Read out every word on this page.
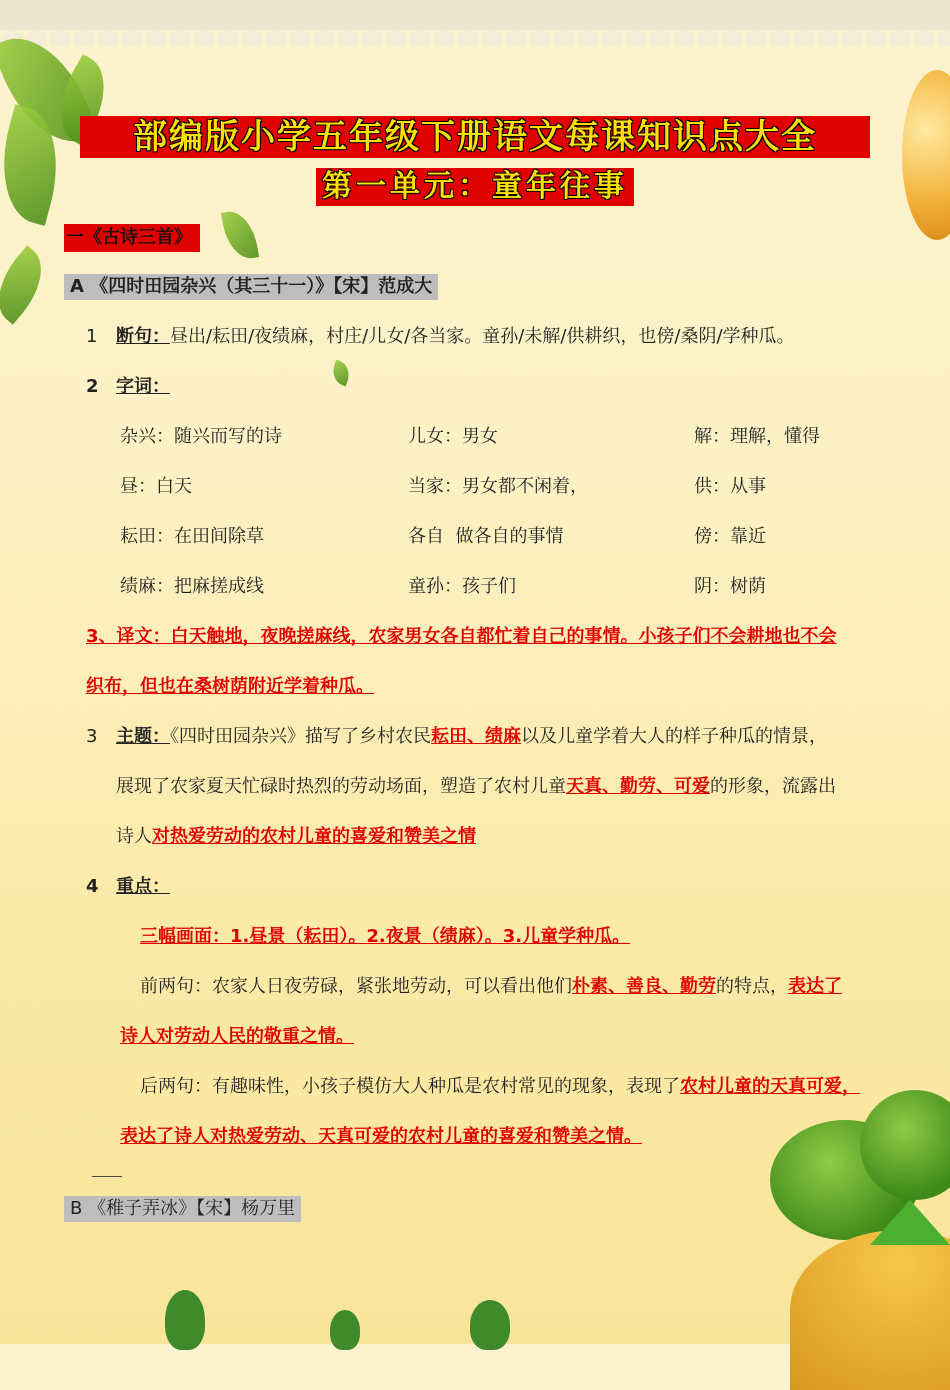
部编版小学五年级下册语文每课知识点大全
第一单元：童年往事
一《古诗三首》
A 《四时田园杂兴（其三十一）》【宋】范成大
1 断句：昼出/耘田/夜绩麻，村庄/儿女/各当家。童孙/未解/供耕织，也傍/桑阴/学种瓜。
2 字词：
杂兴：随兴而写的诗	儿女：男女	解：理解，懂得
昼：白天	当家：男女都不闲着，	供：从事
耘田：在田间除草	各自  做各自的事情	傍：靠近
绩麻：把麻搓成线	童孙：孩子们	阴：树荫
3、译文：白天触地，夜晚搓麻线，农家男女各自都忙着自己的事情。小孩子们不会耕地也不会
织布，但也在桑树荫附近学着种瓜。
3 主题：《四时田园杂兴》描写了乡村农民耘田、绩麻以及儿童学着大人的样子种瓜的情景，
展现了农家夏天忙碌时热烈的劳动场面，塑造了农村儿童天真、勤劳、可爱的形象，流露出
诗人对热爱劳动的农村儿童的喜爱和赞美之情
4 重点：
三幅画面：1.昼景（耘田）。2.夜景（绩麻）。3.儿童学种瓜。
前两句：农家人日夜劳碌，紧张地劳动，可以看出他们朴素、善良、勤劳的特点，表达了
诗人对劳动人民的敬重之情。
后两句：有趣味性，小孩子模仿大人种瓜是农村常见的现象，表现了农村儿童的天真可爱，
表达了诗人对热爱劳动、天真可爱的农村儿童的喜爱和赞美之情。
B 《稚子弄冰》【宋】杨万里
